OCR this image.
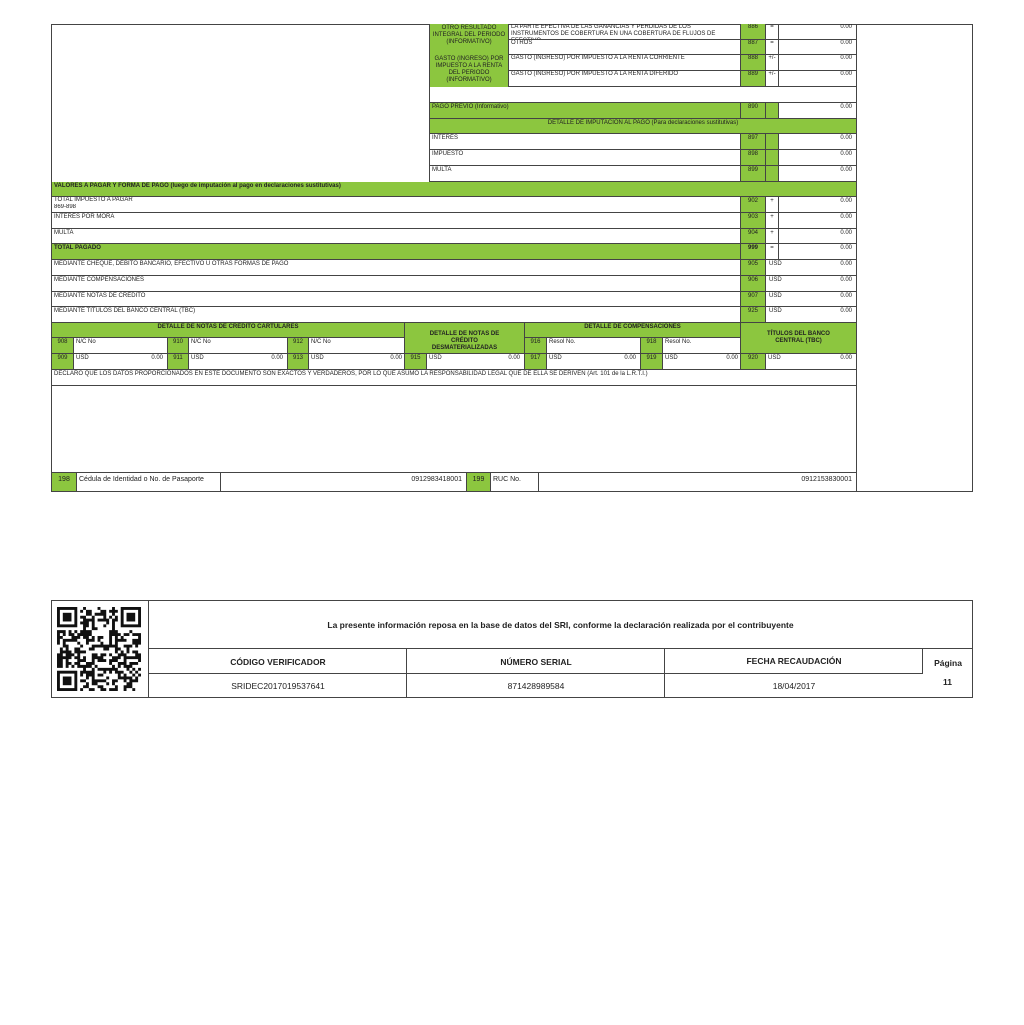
OTRO RESULTADO INTEGRAL DEL PERIODO (INFORMATIVO)
GASTO (INGRESO) POR IMPUESTO A LA RENTA DEL PERIODO (INFORMATIVO)
LA PARTE EFECTIVA DE LAS GANANCIAS Y PÉRDIDAS DE LOS INSTRUMENTOS DE COBERTURA EN UNA COBERTURA DE FLUJOS DE
886	=	0.00
OTROS	887	=	0.00
GASTO (INGRESO) POR IMPUESTO A LA RENTA CORRIENTE	888	+/-	0.00
GASTO (INGRESO) POR IMPUESTO A LA RENTA DIFERIDO	889	+/-	0.00
PAGO PREVIO (Informativo)	890	0.00
DETALLE DE IMPUTACIÓN AL PAGO (Para declaraciones sustitutivas)
INTERÉS	897	0.00
IMPUESTO	898	0.00
MULTA	899	0.00
VALORES A PAGAR Y FORMA DE PAGO (luego de imputación al pago en declaraciones sustitutivas)
TOTAL IMPUESTO A PAGAR
869-898
902	+	0.00
INTERÉS POR MORA	903	+	0.00
MULTA	904	+	0.00
TOTAL PAGADO	999	=	0.00
MEDIANTE CHEQUE, DÉBITO BANCARIO, EFECTIVO U OTRAS FORMAS DE PAGO	905	USD	0.00
MEDIANTE COMPENSACIONES	906	USD	0.00
MEDIANTE NOTAS DE CRÉDITO	907	USD	0.00
MEDIANTE TÍTULOS DEL BANCO CENTRAL (TBC)	925	USD	0.00
DETALLE DE NOTAS DE CRÉDITO CARTULARES
DETALLE DE NOTAS DE CRÉDITO DESMATERIALIZADAS
DETALLE DE COMPENSACIONES
TÍTULOS DEL BANCO CENTRAL (TBC)
908	N/C No	910	N/C No	912	N/C No	916	Resol No.	918	Resol No.
909	USD	0.00	911	USD	0.00	913	USD	0.00	915	USD	0.00	917	USD	0.00	919	USD	0.00	920	USD	0.00
DECLARO QUE LOS DATOS PROPORCIONADOS EN ESTE DOCUMENTO SON EXACTOS Y VERDADEROS, POR LO QUE ASUMO LA RESPONSABILIDAD LEGAL QUE DE ELLA SE DERIVEN (Art. 101 de la L.R.T.I.)
198	Cédula de Identidad o No. de Pasaporte	0912983418001	199	RUC No.	0912153830001
La presente información reposa en la base de datos del SRI, conforme la declaración realizada por el contribuyente
CÓDIGO VERIFICADOR
SRIDEC2017019537641
NÚMERO SERIAL
871428989584
FECHA RECAUDACIÓN
18/04/2017
Página
11
